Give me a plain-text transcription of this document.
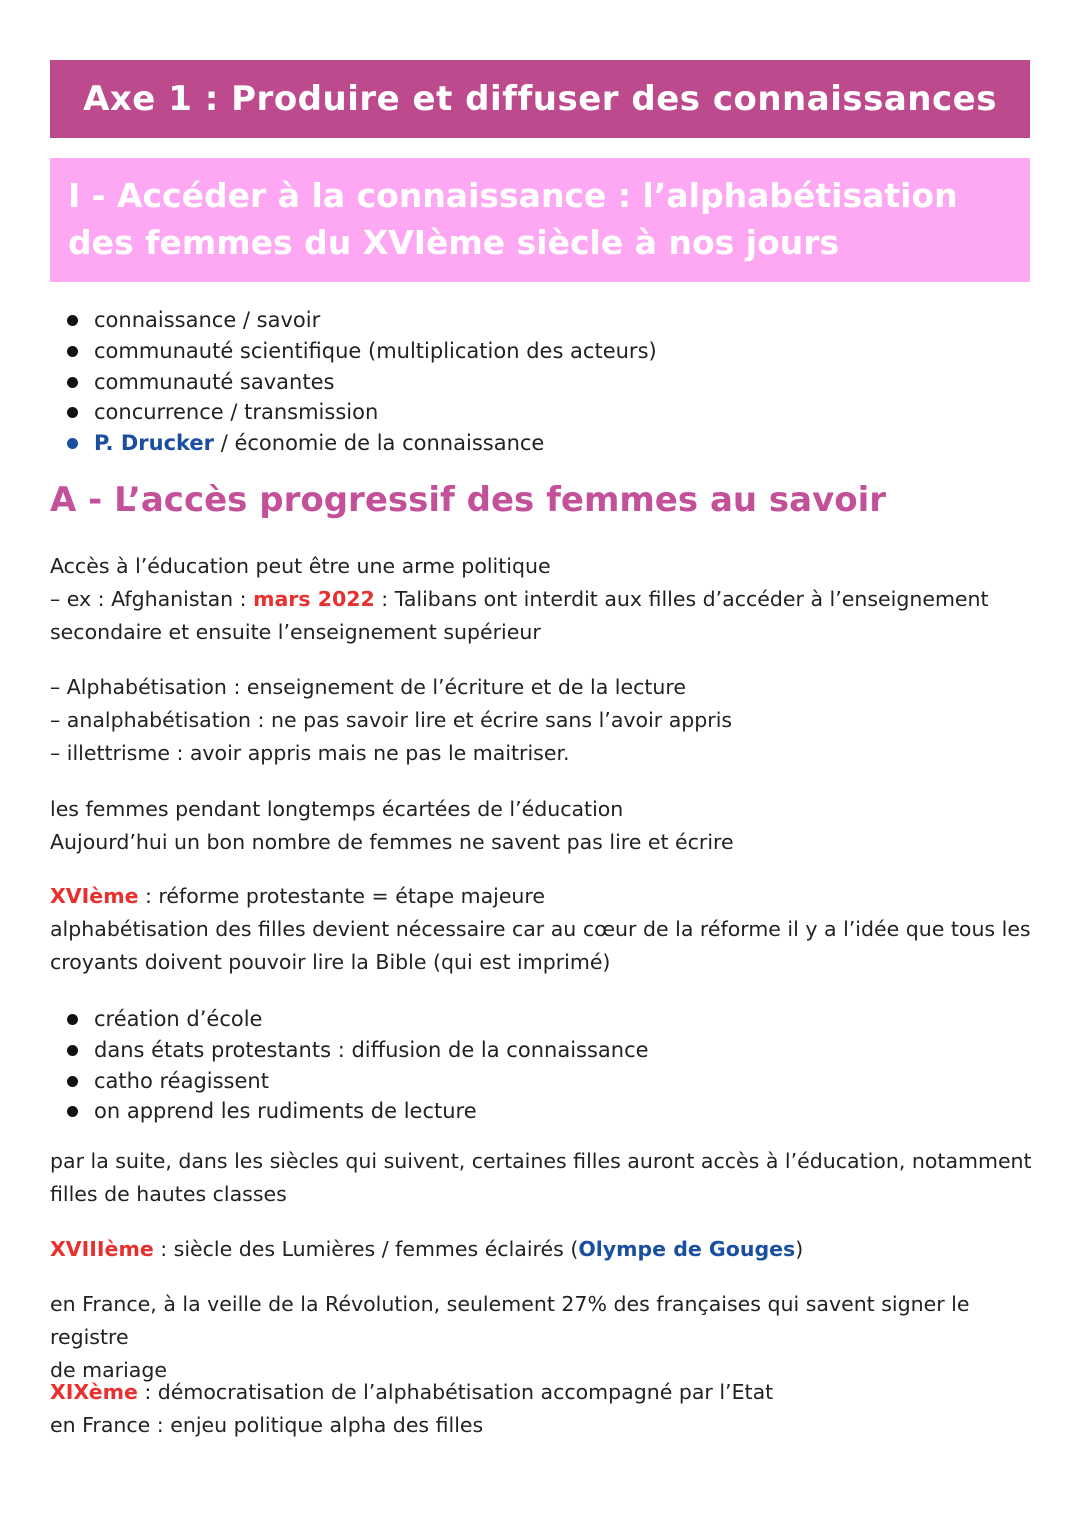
Axe 1 : Produire et diffuser des connaissances
I - Accéder à la connaissance : l’alphabétisation
des femmes du XVIème siècle à nos jours
connaissance / savoir
communauté scientifique (multiplication des acteurs)
communauté savantes
concurrence / transmission
P. Drucker / économie de la connaissance
A - L’accès progressif des femmes au savoir

Accès à l’éducation peut être une arme politique
– ex : Afghanistan : mars 2022 : Talibans ont interdit aux filles d’accéder à l’enseignement
secondaire et ensuite l’enseignement supérieur

– Alphabétisation : enseignement de l’écriture et de la lecture
– analphabétisation : ne pas savoir lire et écrire sans l’avoir appris
– illettrisme : avoir appris mais ne pas le maitriser.

les femmes pendant longtemps écartées de l’éducation
Aujourd’hui un bon nombre de femmes ne savent pas lire et écrire

XVIème : réforme protestante = étape majeure
alphabétisation des filles devient nécessaire car au cœur de la réforme il y a l’idée que tous les
croyants doivent pouvoir lire la Bible (qui est imprimé)

création d’école
dans états protestants : diffusion de la connaissance
catho réagissent
on apprend les rudiments de lecture

par la suite, dans les siècles qui suivent, certaines filles auront accès à l’éducation, notamment
filles de hautes classes

XVIIIème : siècle des Lumières / femmes éclairés (Olympe de Gouges)

en France, à la veille de la Révolution, seulement 27% des françaises qui savent signer le registre
de mariage

XIXème : démocratisation de l’alphabétisation accompagné par l’Etat
en France : enjeu politique alpha des filles
